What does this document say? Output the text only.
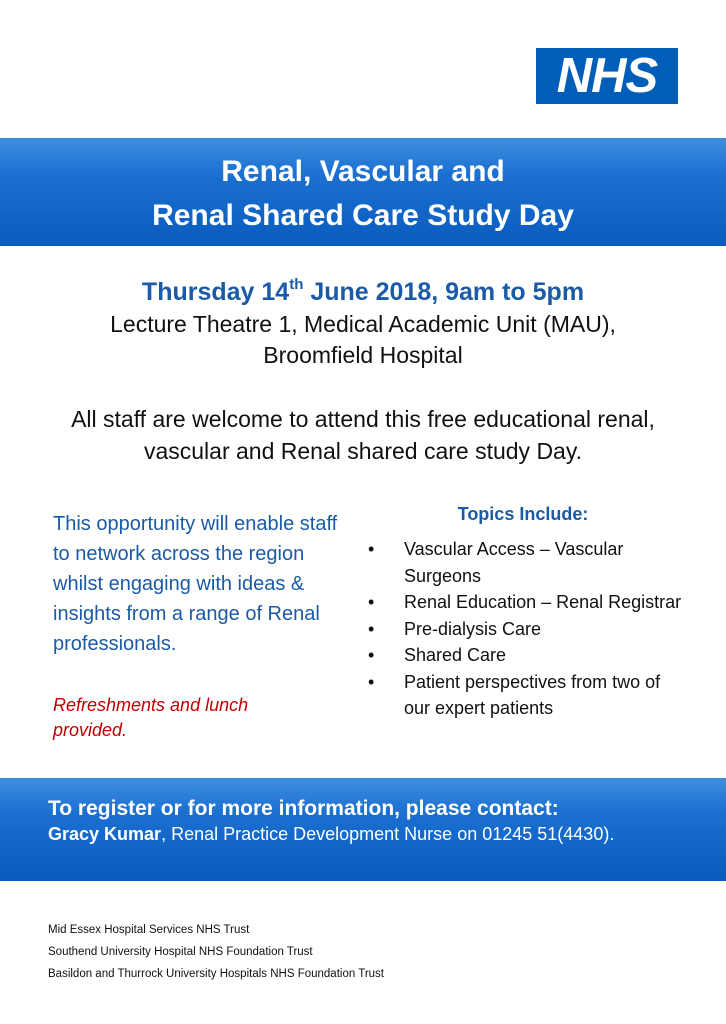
NHS
Renal, Vascular and
Renal Shared Care Study Day
Thursday 14th June 2018, 9am to 5pm
Lecture Theatre 1, Medical Academic Unit (MAU),
Broomfield Hospital
All staff are welcome to attend this free educational renal, vascular and Renal shared care study Day.
This opportunity will enable staff to network across the region whilst engaging with ideas & insights from a range of Renal professionals.
Refreshments and lunch provided.
Topics Include:
•	Vascular Access – Vascular Surgeons
•	Renal Education – Renal Registrar
•	Pre-dialysis Care
•	Shared Care
•	Patient perspectives from two of our expert patients
To register or for more information, please contact:
Gracy Kumar, Renal Practice Development Nurse on 01245 51(4430).
Mid Essex Hospital Services NHS Trust
Southend University Hospital NHS Foundation Trust
Basildon and Thurrock University Hospitals NHS Foundation Trust
